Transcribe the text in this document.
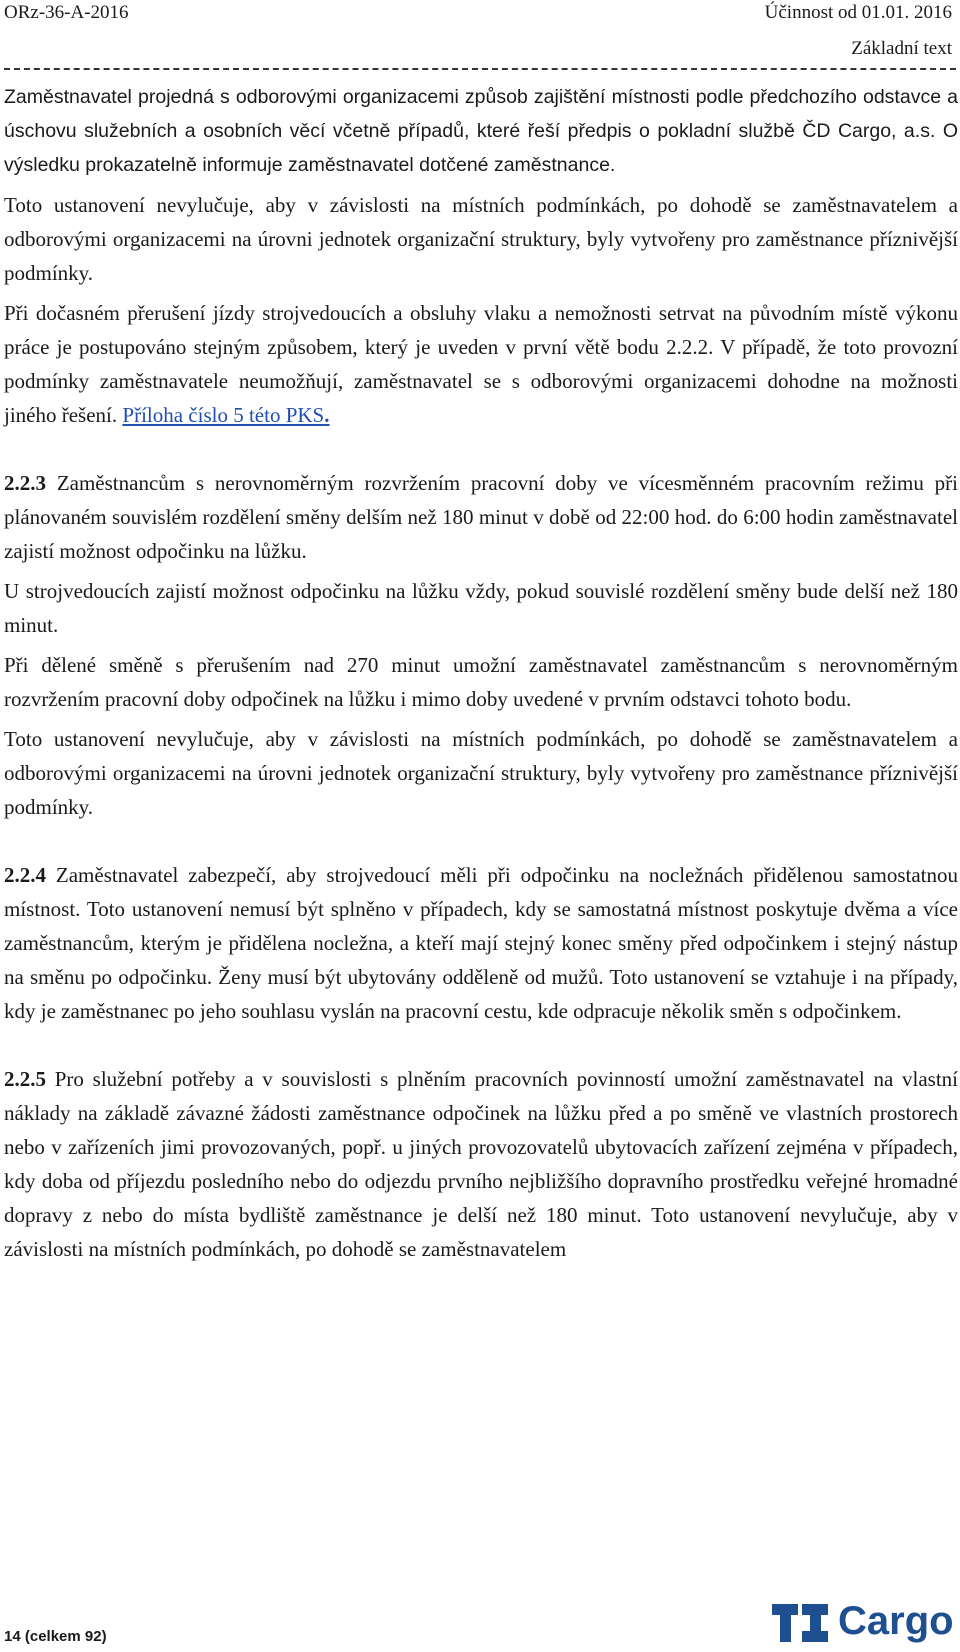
ORz-36-A-2016	Účinnost od 01.01. 2016
Základní text

Zaměstnavatel projedná s odborovými organizacemi způsob zajištění místnosti podle předchozího odstavce a úschovu služebních a osobních věcí včetně případů, které řeší předpis o pokladní službě ČD Cargo, a.s. O výsledku prokazatelně informuje zaměstnavatel dotčené zaměstnance.

Toto ustanovení nevylučuje, aby v závislosti na místních podmínkách, po dohodě se zaměstnavatelem a odborovými organizacemi na úrovni jednotek organizační struktury, byly vytvořeny pro zaměstnance příznivější podmínky.

Při dočasném přerušení jízdy strojvedoucích a obsluhy vlaku a nemožnosti setrvat na původním místě výkonu práce je postupováno stejným způsobem, který je uveden v první větě bodu 2.2.2. V případě, že toto provozní podmínky zaměstnavatele neumožňují, zaměstnavatel se s odborovými organizacemi dohodne na možnosti jiného řešení. Příloha číslo 5 této PKS.

2.2.3 Zaměstnancům s nerovnoměrným rozvržením pracovní doby ve vícesměnném pracovním režimu při plánovaném souvislém rozdělení směny delším než 180 minut v době od 22:00 hod. do 6:00 hodin zaměstnavatel zajistí možnost odpočinku na lůžku.

U strojvedoucích zajistí možnost odpočinku na lůžku vždy, pokud souvislé rozdělení směny bude delší než 180 minut.

Při dělené směně s přerušením nad 270 minut umožní zaměstnavatel zaměstnancům s nerovnoměrným rozvržením pracovní doby odpočinek na lůžku i mimo doby uvedené v prvním odstavci tohoto bodu.

Toto ustanovení nevylučuje, aby v závislosti na místních podmínkách, po dohodě se zaměstnavatelem a odborovými organizacemi na úrovni jednotek organizační struktury, byly vytvořeny pro zaměstnance příznivější podmínky.

2.2.4 Zaměstnavatel zabezpečí, aby strojvedoucí měli při odpočinku na nocležnách přidělenou samostatnou místnost. Toto ustanovení nemusí být splněno v případech, kdy se samostatná místnost poskytuje dvěma a více zaměstnancům, kterým je přidělena nocležna, a kteří mají stejný konec směny před odpočinkem i stejný nástup na směnu po odpočinku. Ženy musí být ubytovány odděleně od mužů. Toto ustanovení se vztahuje i na případy, kdy je zaměstnanec po jeho souhlasu vyslán na pracovní cestu, kde odpracuje několik směn s odpočinkem.

2.2.5 Pro služební potřeby a v souvislosti s plněním pracovních povinností umožní zaměstnavatel na vlastní náklady na základě závazné žádosti zaměstnance odpočinek na lůžku před a po směně ve vlastních prostorech nebo v zařízeních jimi provozovaných, popř. u jiných provozovatelů ubytovacích zařízení zejména v případech, kdy doba od příjezdu posledního nebo do odjezdu prvního nejbližšího dopravního prostředku veřejné hromadné dopravy z nebo do místa bydliště zaměstnance je delší než 180 minut. Toto ustanovení nevylučuje, aby v závislosti na místních podmínkách, po dohodě se zaměstnavatelem

14 (celkem 92)	Cargo
